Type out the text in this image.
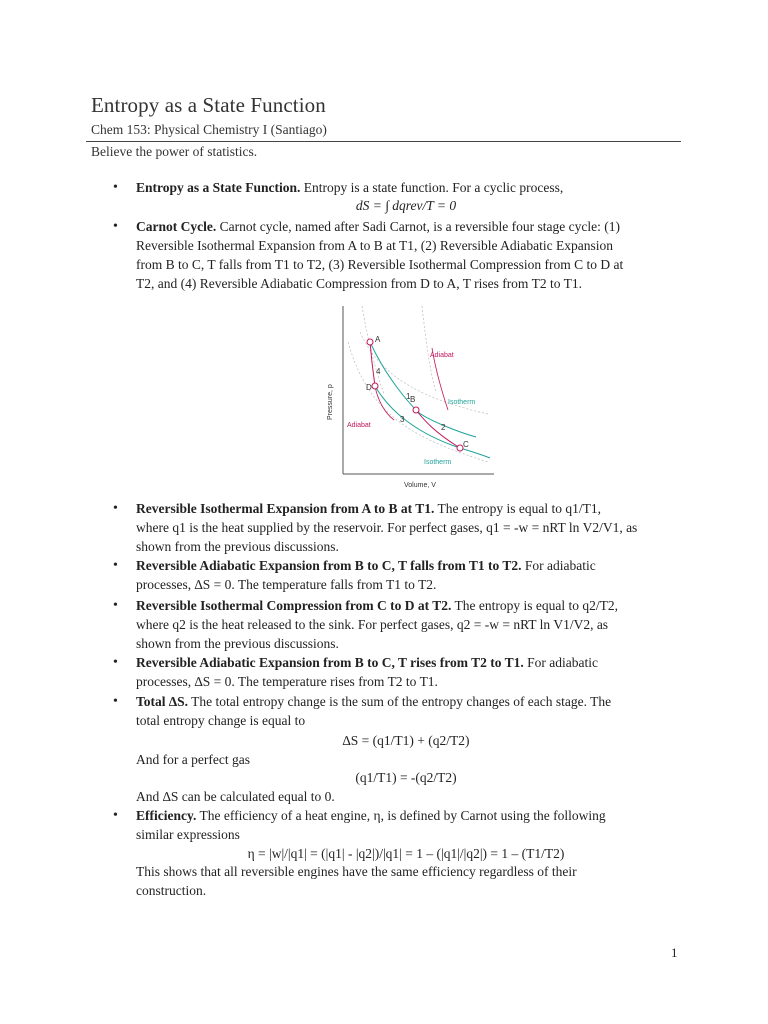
Entropy as a State Function
Chem 153: Physical Chemistry I (Santiago)
Believe the power of statistics.
• Entropy as a State Function. Entropy is a state function. For a cyclic process,
dS = ∫ dqrev/T = 0
• Carnot Cycle. Carnot cycle, named after Sadi Carnot, is a reversible four stage cycle: (1)
Reversible Isothermal Expansion from A to B at T1, (2) Reversible Adiabatic Expansion
from B to C, T falls from T1 to T2, (3) Reversible Isothermal Compression from C to D at
T2, and (4) Reversible Adiabatic Compression from D to A, T rises from T2 to T1.
Pressure, p
Volume, V
A
B
C
D
1
2
3
4
Adiabat
Adiabat
Isotherm
Isotherm
• Reversible Isothermal Expansion from A to B at T1. The entropy is equal to q1/T1,
where q1 is the heat supplied by the reservoir. For perfect gases, q1 = -w = nRT ln V2/V1, as
shown from the previous discussions.
• Reversible Adiabatic Expansion from B to C, T falls from T1 to T2. For adiabatic
processes, ∆S = 0. The temperature falls from T1 to T2.
• Reversible Isothermal Compression from C to D at T2. The entropy is equal to q2/T2,
where q2 is the heat released to the sink. For perfect gases, q2 = -w = nRT ln V1/V2, as
shown from the previous discussions.
• Reversible Adiabatic Expansion from B to C, T rises from T2 to T1. For adiabatic
processes, ∆S = 0. The temperature rises from T2 to T1.
• Total ∆S. The total entropy change is the sum of the entropy changes of each stage. The
total entropy change is equal to
∆S = (q1/T1) + (q2/T2)
And for a perfect gas
(q1/T1) = -(q2/T2)
And ∆S can be calculated equal to 0.
• Efficiency. The efficiency of a heat engine, η, is defined by Carnot using the following
similar expressions
η = |w|/|q1| = (|q1| - |q2|)/|q1| = 1 – (|q1|/|q2|) = 1 – (T1/T2)
This shows that all reversible engines have the same efficiency regardless of their
construction.
1
